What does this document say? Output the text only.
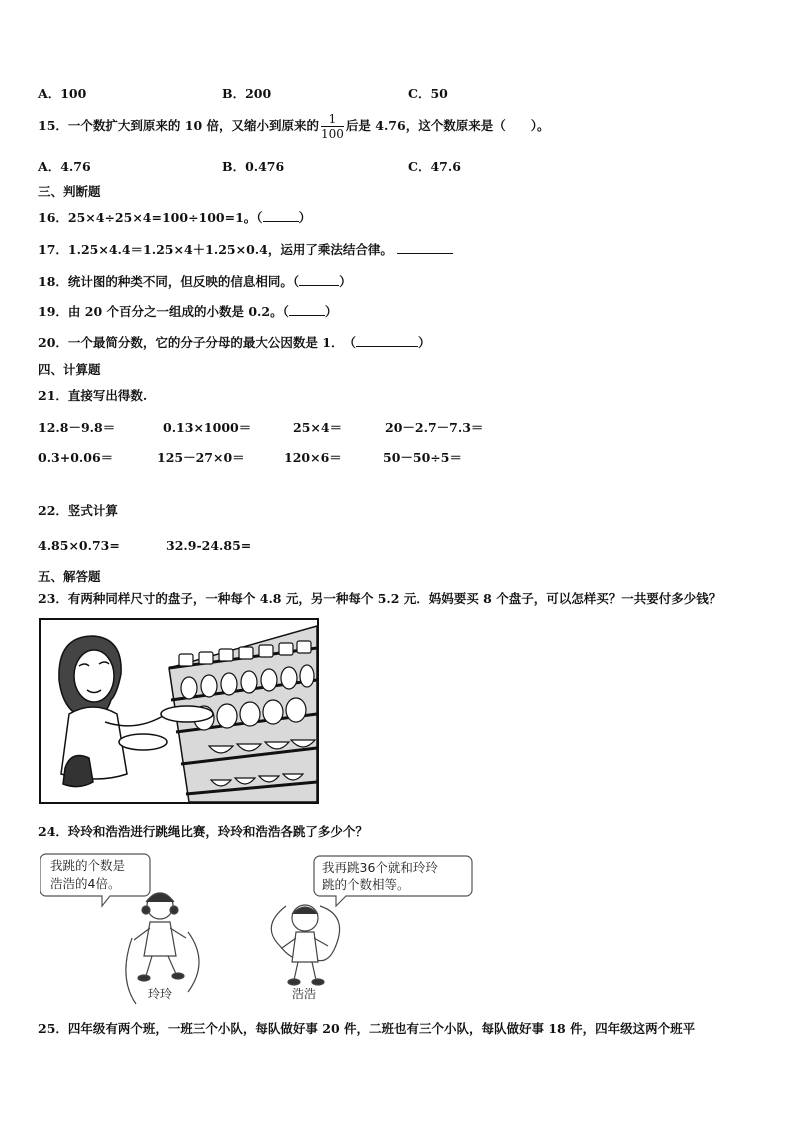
A．100	B．200	C．50
15．一个数扩大到原来的 10 倍，又缩小到原来的 $\frac{1}{100}$ 后是 4.76，这个数原来是（　　）。
A．4.76	B．0.476	C．47.6
三、判断题
16．25×4÷25×4=100÷100=1。（	）
17．1.25×4.4＝1.25×4＋1.25×0.4，运用了乘法结合律。
18．统计图的种类不同，但反映的信息相同。（	）
19．由 20 个百分之一组成的小数是 0.2。（	）
20．一个最简分数，它的分子分母的最大公因数是 1．　（	）
四、计算题
21．直接写出得数.
12.8－9.8＝	0.13×1000＝	25×4＝	20－2.7－7.3＝
0.3+0.06＝	125－27×0＝	120×6＝	50－50÷5＝
22．竖式计算
4.85×0.73=	32.9-24.85=
五、解答题
23．有两种同样尺寸的盘子，一种每个 4.8 元，另一种每个 5.2 元．妈妈要买 8 个盘子，可以怎样买？一共要付多少钱？
24．玲玲和浩浩进行跳绳比赛，玲玲和浩浩各跳了多少个？
我跳的个数是
浩浩的4倍。
我再跳36个就和玲玲
跳的个数相等。
玲玲	浩浩
25．四年级有两个班，一班三个小队，每队做好事 20 件，二班也有三个小队，每队做好事 18 件，四年级这两个班平
